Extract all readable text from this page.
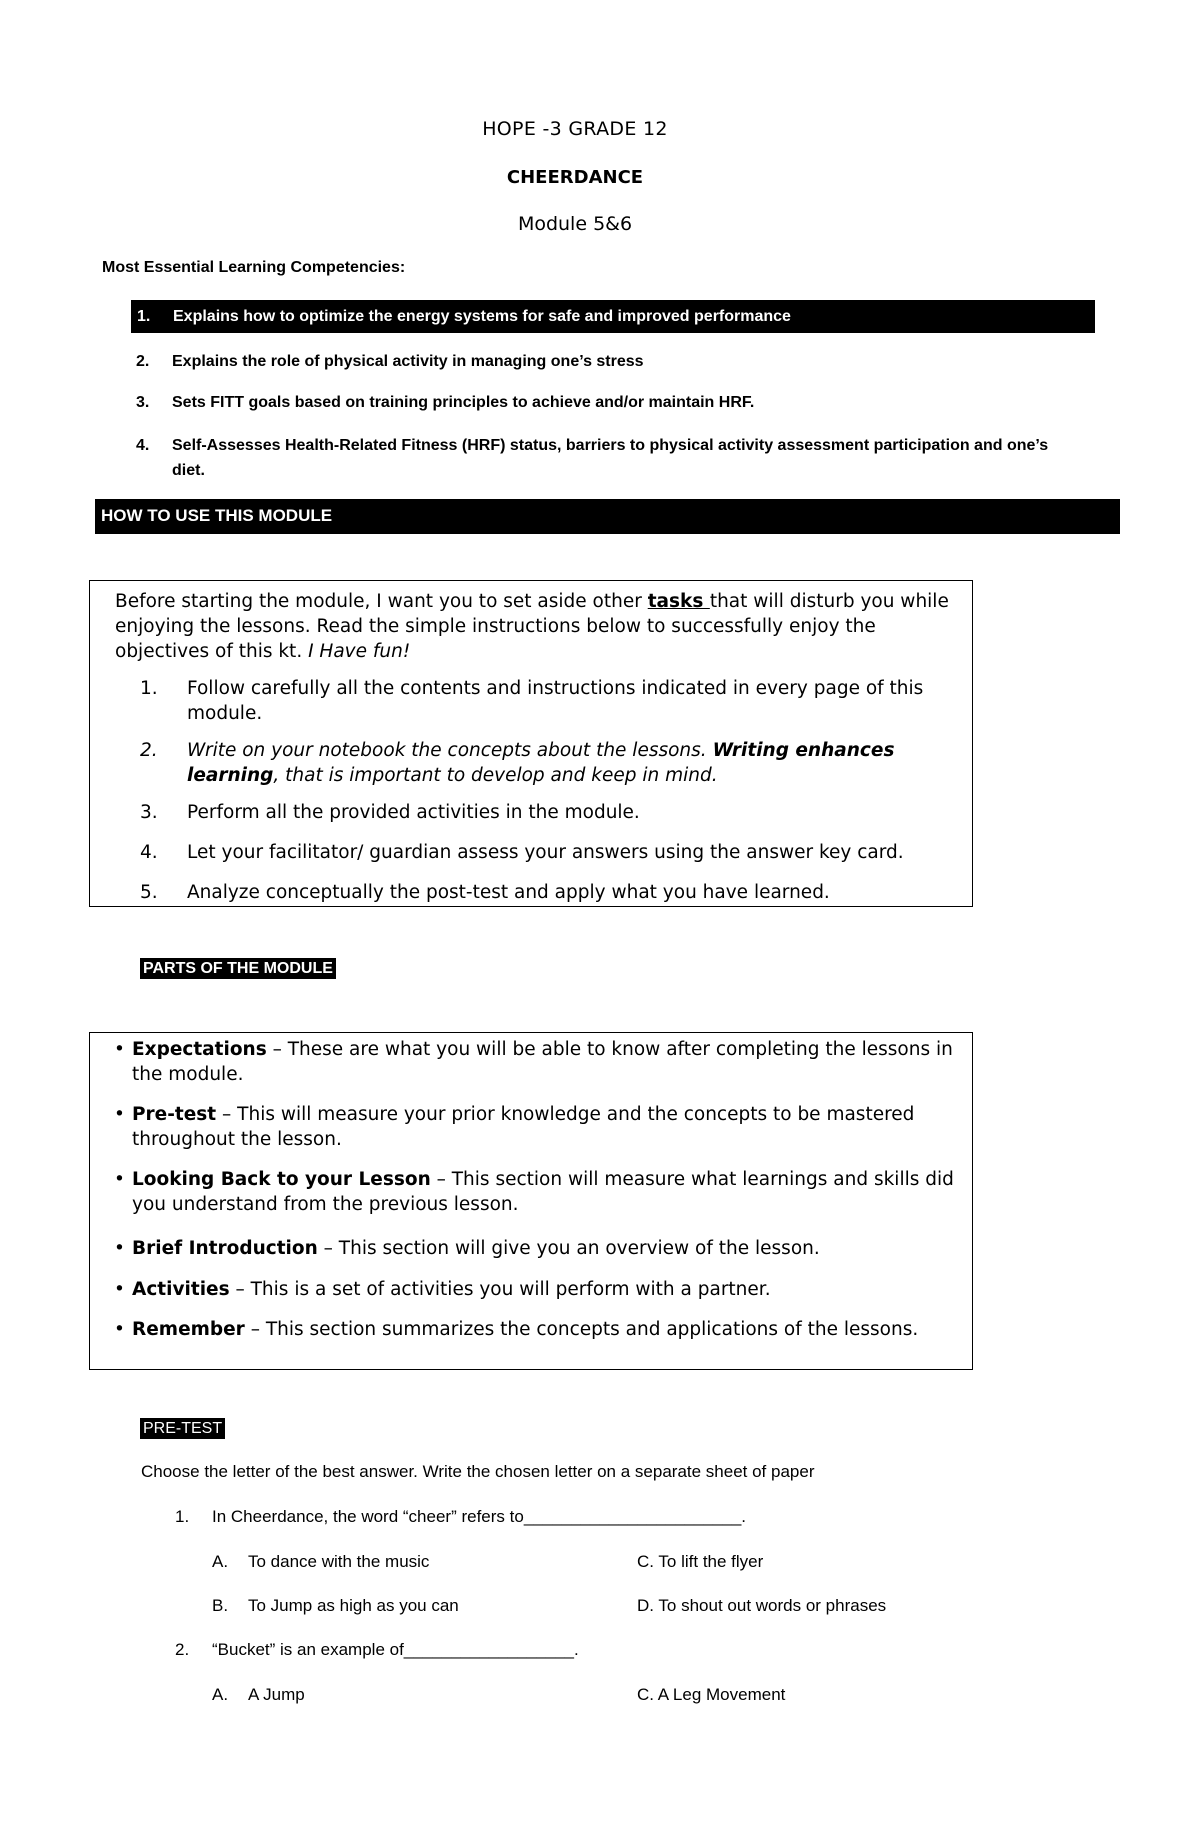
HOPE -3 GRADE 12
CHEERDANCE
Module 5&6
Most Essential Learning Competencies:
1.	Explains how to optimize the energy systems for safe and improved performance
2.	Explains the role of physical activity in managing one’s stress
3.	Sets FITT goals based on training principles to achieve and/or maintain HRF.
4.	Self-Assesses Health-Related Fitness (HRF) status, barriers to physical activity assessment participation and one’s diet.
HOW TO USE THIS MODULE
Before starting the module, I want you to set aside other tasks that will disturb you while enjoying the lessons. Read the simple instructions below to successfully enjoy the objectives of this kt. I Have fun!
1. Follow carefully all the contents and instructions indicated in every page of this module.
2. Write on your notebook the concepts about the lessons. Writing enhances learning, that is important to develop and keep in mind.
3. Perform all the provided activities in the module.
4. Let your facilitator/ guardian assess your answers using the answer key card.
5. Analyze conceptually the post-test and apply what you have learned.
PARTS OF THE MODULE
• Expectations – These are what you will be able to know after completing the lessons in the module.
• Pre-test – This will measure your prior knowledge and the concepts to be mastered throughout the lesson.
• Looking Back to your Lesson – This section will measure what learnings and skills did you understand from the previous lesson.
• Brief Introduction – This section will give you an overview of the lesson.
• Activities – This is a set of activities you will perform with a partner.
• Remember – This section summarizes the concepts and applications of the lessons.
PRE-TEST
Choose the letter of the best answer. Write the chosen letter on a separate sheet of paper
1. In Cheerdance, the word “cheer” refers to_______________________.
A. To dance with the music	C. To lift the flyer
B. To Jump as high as you can	D. To shout out words or phrases
2. “Bucket” is an example of__________________.
A. A Jump	C. A Leg Movement
